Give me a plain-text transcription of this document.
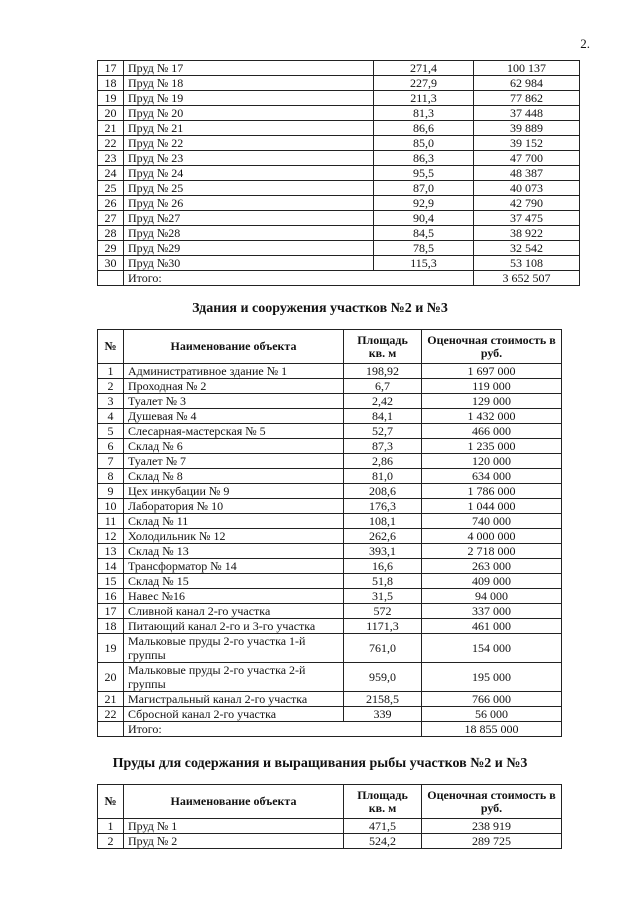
2.
17	Пруд № 17	271,4	100 137
18	Пруд № 18	227,9	62 984
19	Пруд № 19	211,3	77 862
20	Пруд № 20	81,3	37 448
21	Пруд № 21	86,6	39 889
22	Пруд № 22	85,0	39 152
23	Пруд № 23	86,3	47 700
24	Пруд № 24	95,5	48 387
25	Пруд № 25	87,0	40 073
26	Пруд № 26	92,9	42 790
27	Пруд №27	90,4	37 475
28	Пруд №28	84,5	38 922
29	Пруд №29	78,5	32 542
30	Пруд №30	115,3	53 108
	Итого:		3 652 507
Здания и сооружения участков №2 и №3
№	Наименование объекта	Площадь кв. м	Оценочная стоимость в руб.
1	Административное здание № 1	198,92	1 697 000
2	Проходная № 2	6,7	119 000
3	Туалет № 3	2,42	129 000
4	Душевая № 4	84,1	1 432 000
5	Слесарная-мастерская № 5	52,7	466 000
6	Склад № 6	87,3	1 235 000
7	Туалет № 7	2,86	120 000
8	Склад № 8	81,0	634 000
9	Цех инкубации № 9	208,6	1 786 000
10	Лаборатория № 10	176,3	1 044 000
11	Склад № 11	108,1	740 000
12	Холодильник № 12	262,6	4 000 000
13	Склад № 13	393,1	2 718 000
14	Трансформатор № 14	16,6	263 000
15	Склад № 15	51,8	409 000
16	Навес №16	31,5	94 000
17	Сливной канал 2-го участка	572	337 000
18	Питающий канал 2-го и 3-го участка	1171,3	461 000
19	Мальковые пруды 2-го участка 1-й группы	761,0	154 000
20	Мальковые пруды 2-го участка 2-й группы	959,0	195 000
21	Магистральный канал 2-го участка	2158,5	766 000
22	Сбросной канал 2-го участка	339	56 000
	Итого:		18 855 000
Пруды для содержания и выращивания рыбы участков №2 и №3
№	Наименование объекта	Площадь кв. м	Оценочная стоимость в руб.
1	Пруд № 1	471,5	238 919
2	Пруд № 2	524,2	289 725
